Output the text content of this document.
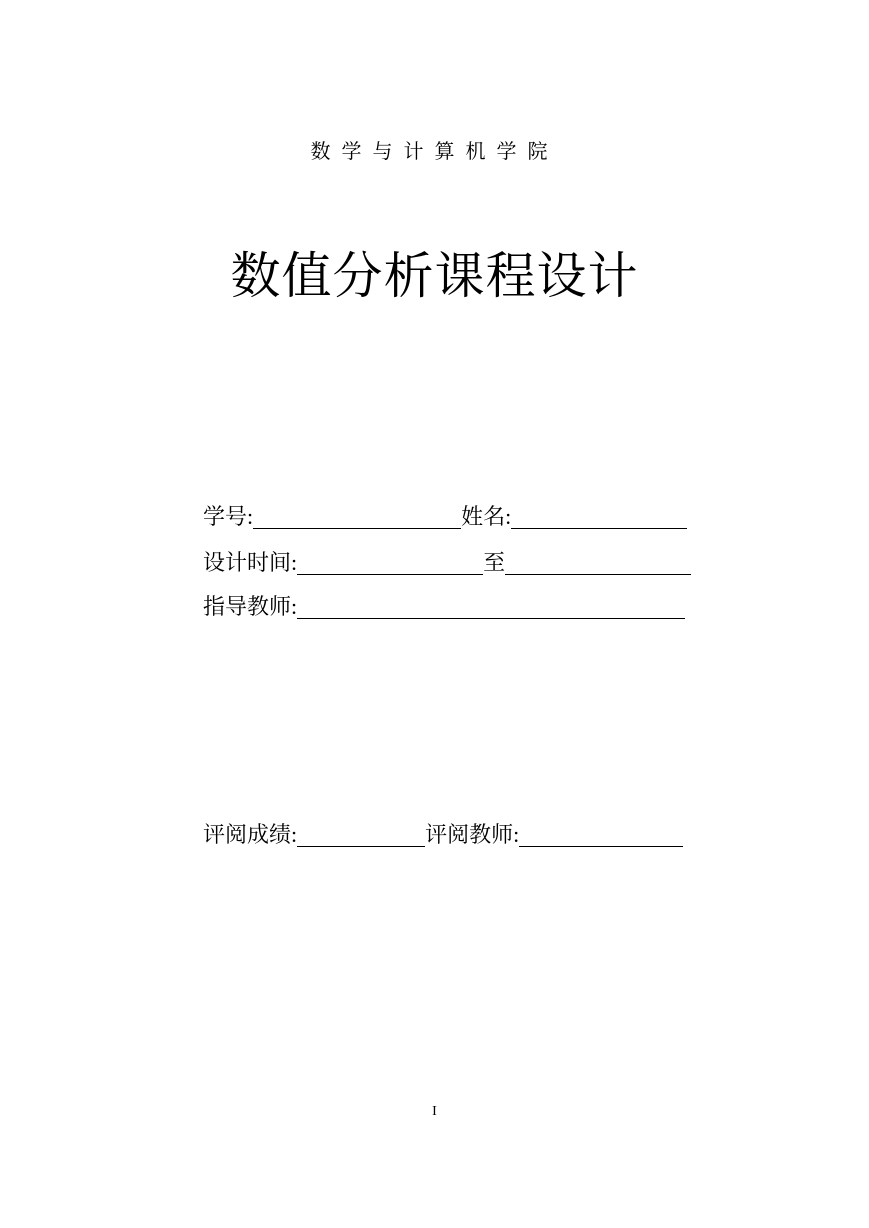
数学与计算机学院
数值分析课程设计
学号:	姓名:
设计时间:	至
指导教师:
评阅成绩:	评阅教师:
I
